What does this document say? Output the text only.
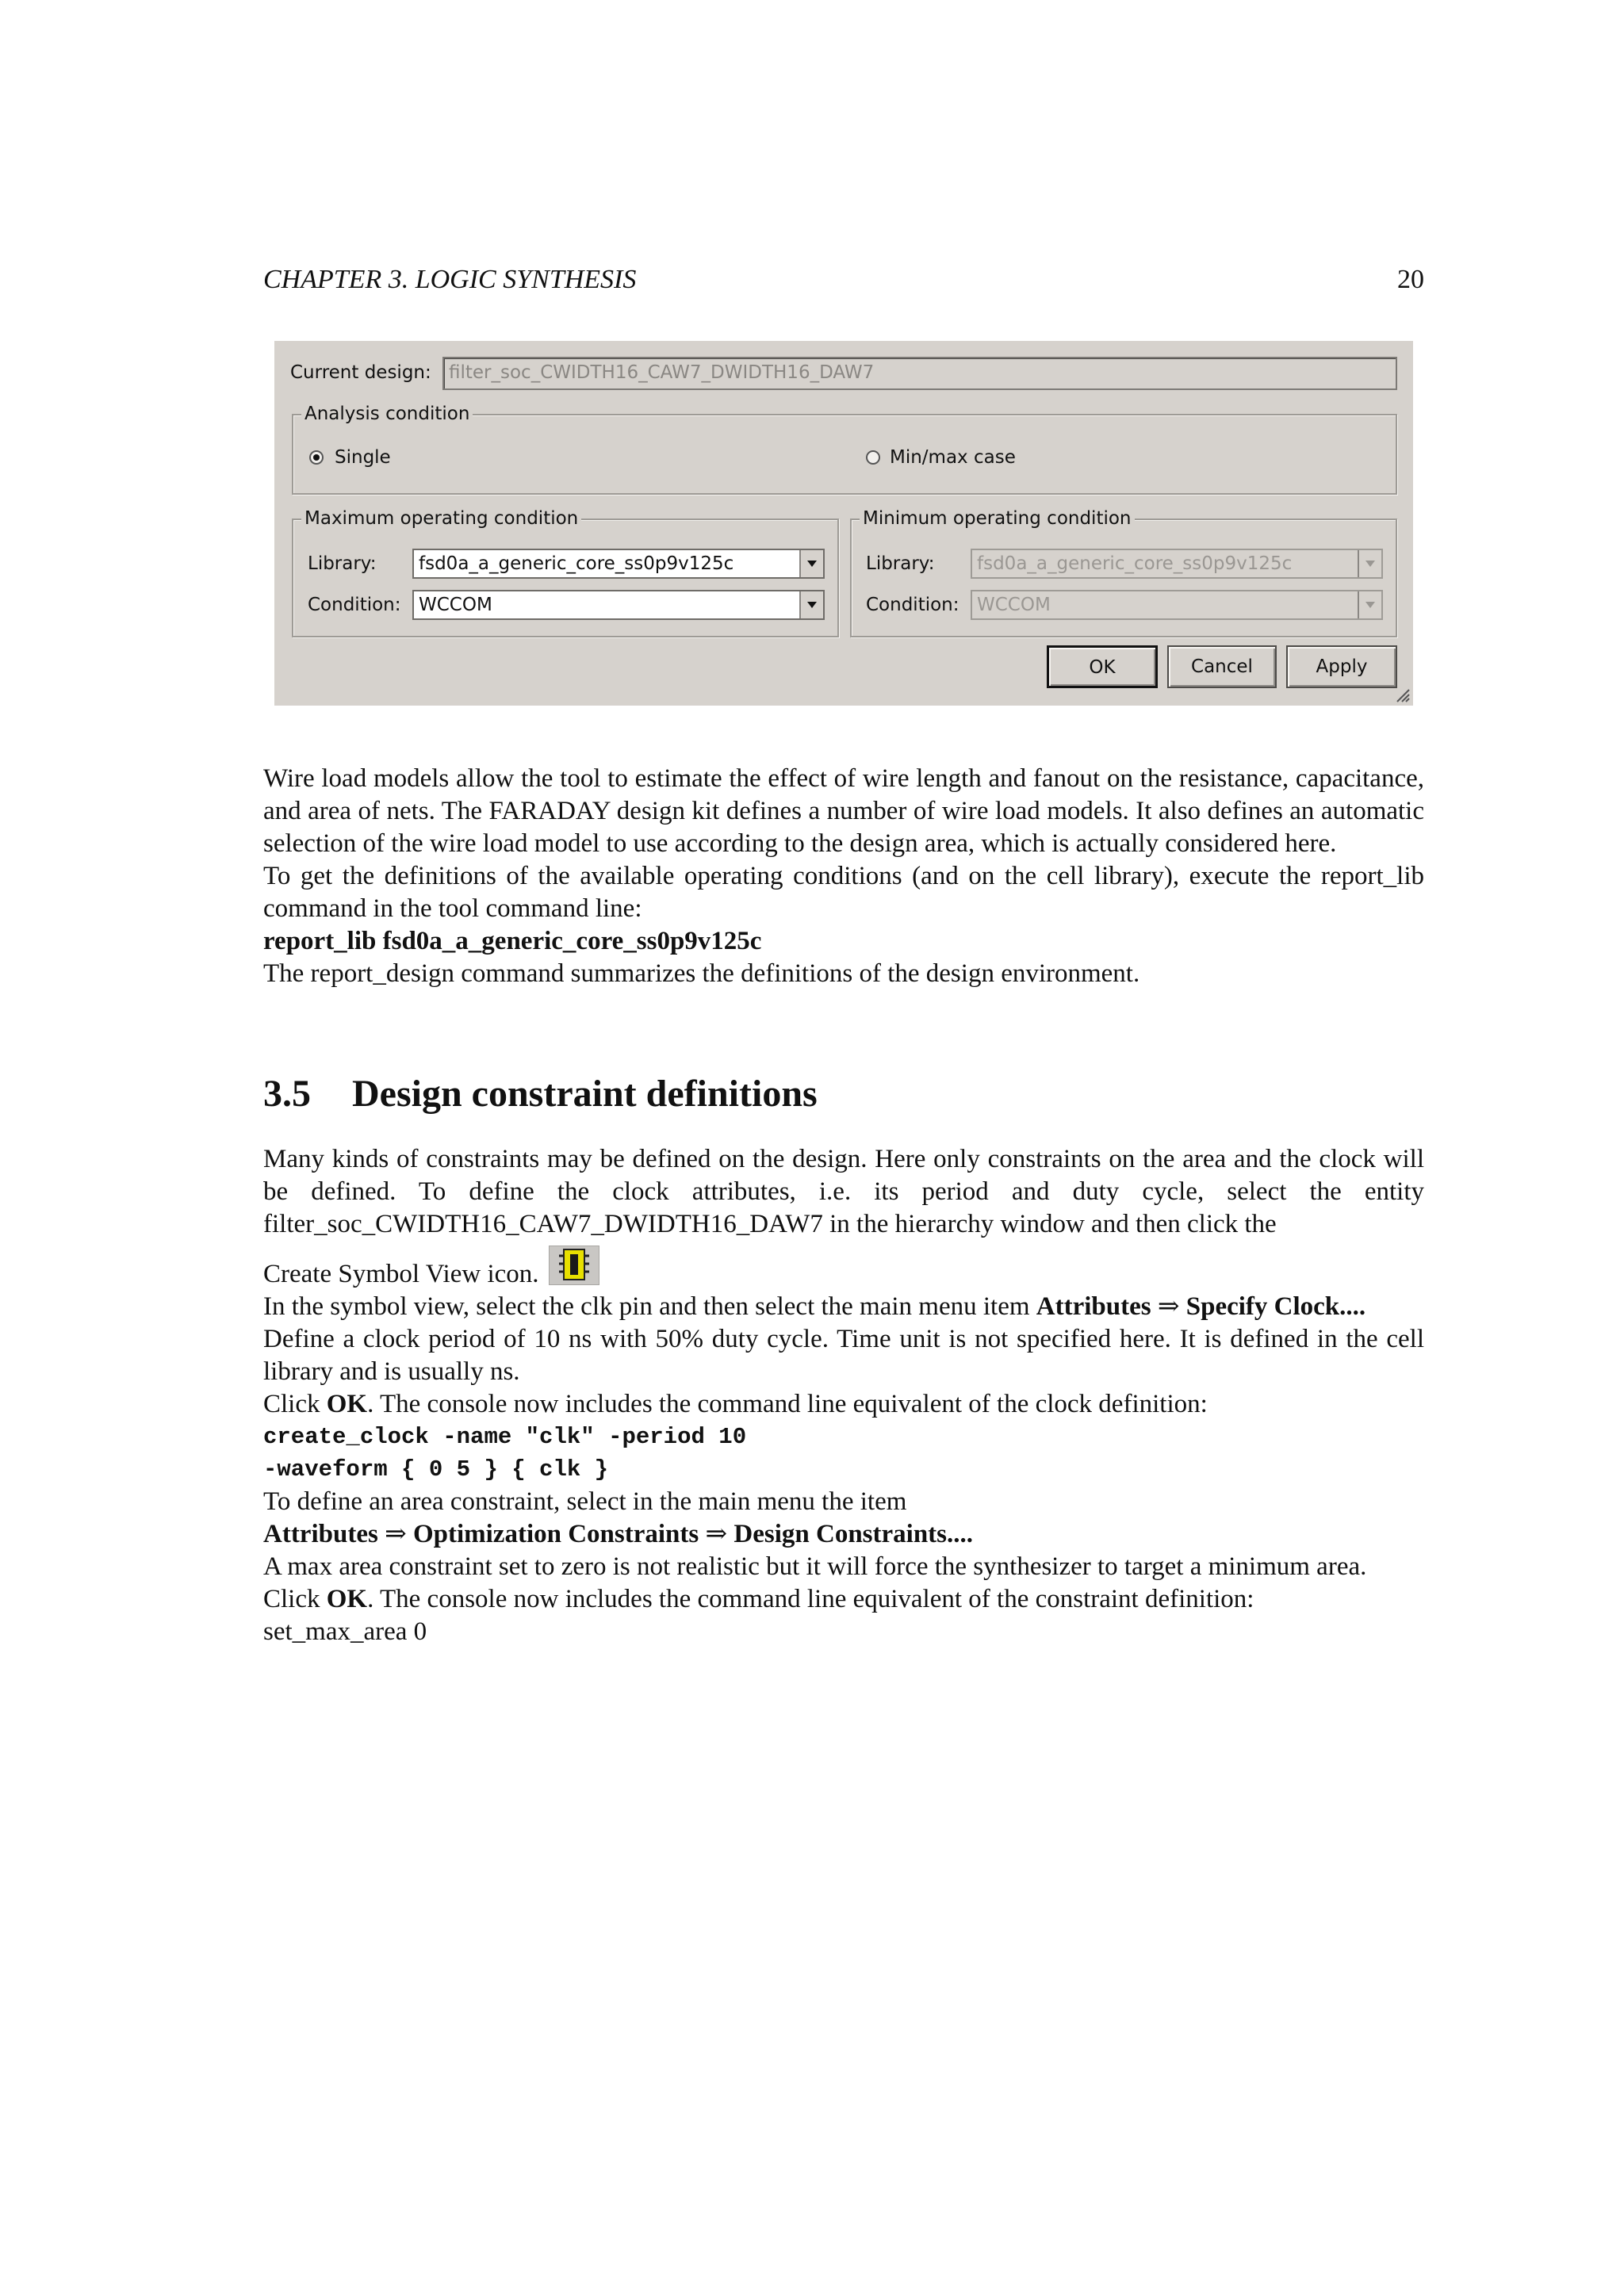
CHAPTER 3. LOGIC SYNTHESIS	20
Current design: filter_soc_CWIDTH16_CAW7_DWIDTH16_DAW7
Analysis condition
Single	Min/max case
Maximum operating condition
Library: fsd0a_a_generic_core_ss0p9v125c
Condition: WCCOM
Minimum operating condition
Library: fsd0a_a_generic_core_ss0p9v125c
Condition: WCCOM
OK	Cancel	Apply

Wire load models allow the tool to estimate the effect of wire length and fanout on the resistance, capacitance, and area of nets. The FARADAY design kit defines a number of wire load models. It also defines an automatic selection of the wire load model to use according to the design area, which is actually considered here.

To get the definitions of the available operating conditions (and on the cell library), execute the report_lib command in the tool command line:

report_lib fsd0a_a_generic_core_ss0p9v125c

The report_design command summarizes the definitions of the design environment.

3.5 Design constraint definitions

Many kinds of constraints may be defined on the design. Here only constraints on the area and the clock will be defined. To define the clock attributes, i.e. its period and duty cycle, select the entity filter_soc_CWIDTH16_CAW7_DWIDTH16_DAW7 in the hierarchy window and then click the

Create Symbol View icon.

In the symbol view, select the clk pin and then select the main menu item Attributes ⇒ Specify Clock....

Define a clock period of 10 ns with 50% duty cycle. Time unit is not specified here. It is defined in the cell library and is usually ns.

Click OK. The console now includes the command line equivalent of the clock definition:

create_clock -name "clk" -period 10

-waveform { 0 5 } { clk }

To define an area constraint, select in the main menu the item

Attributes ⇒ Optimization Constraints ⇒ Design Constraints....

A max area constraint set to zero is not realistic but it will force the synthesizer to target a minimum area.

Click OK. The console now includes the command line equivalent of the constraint definition:

set_max_area 0
